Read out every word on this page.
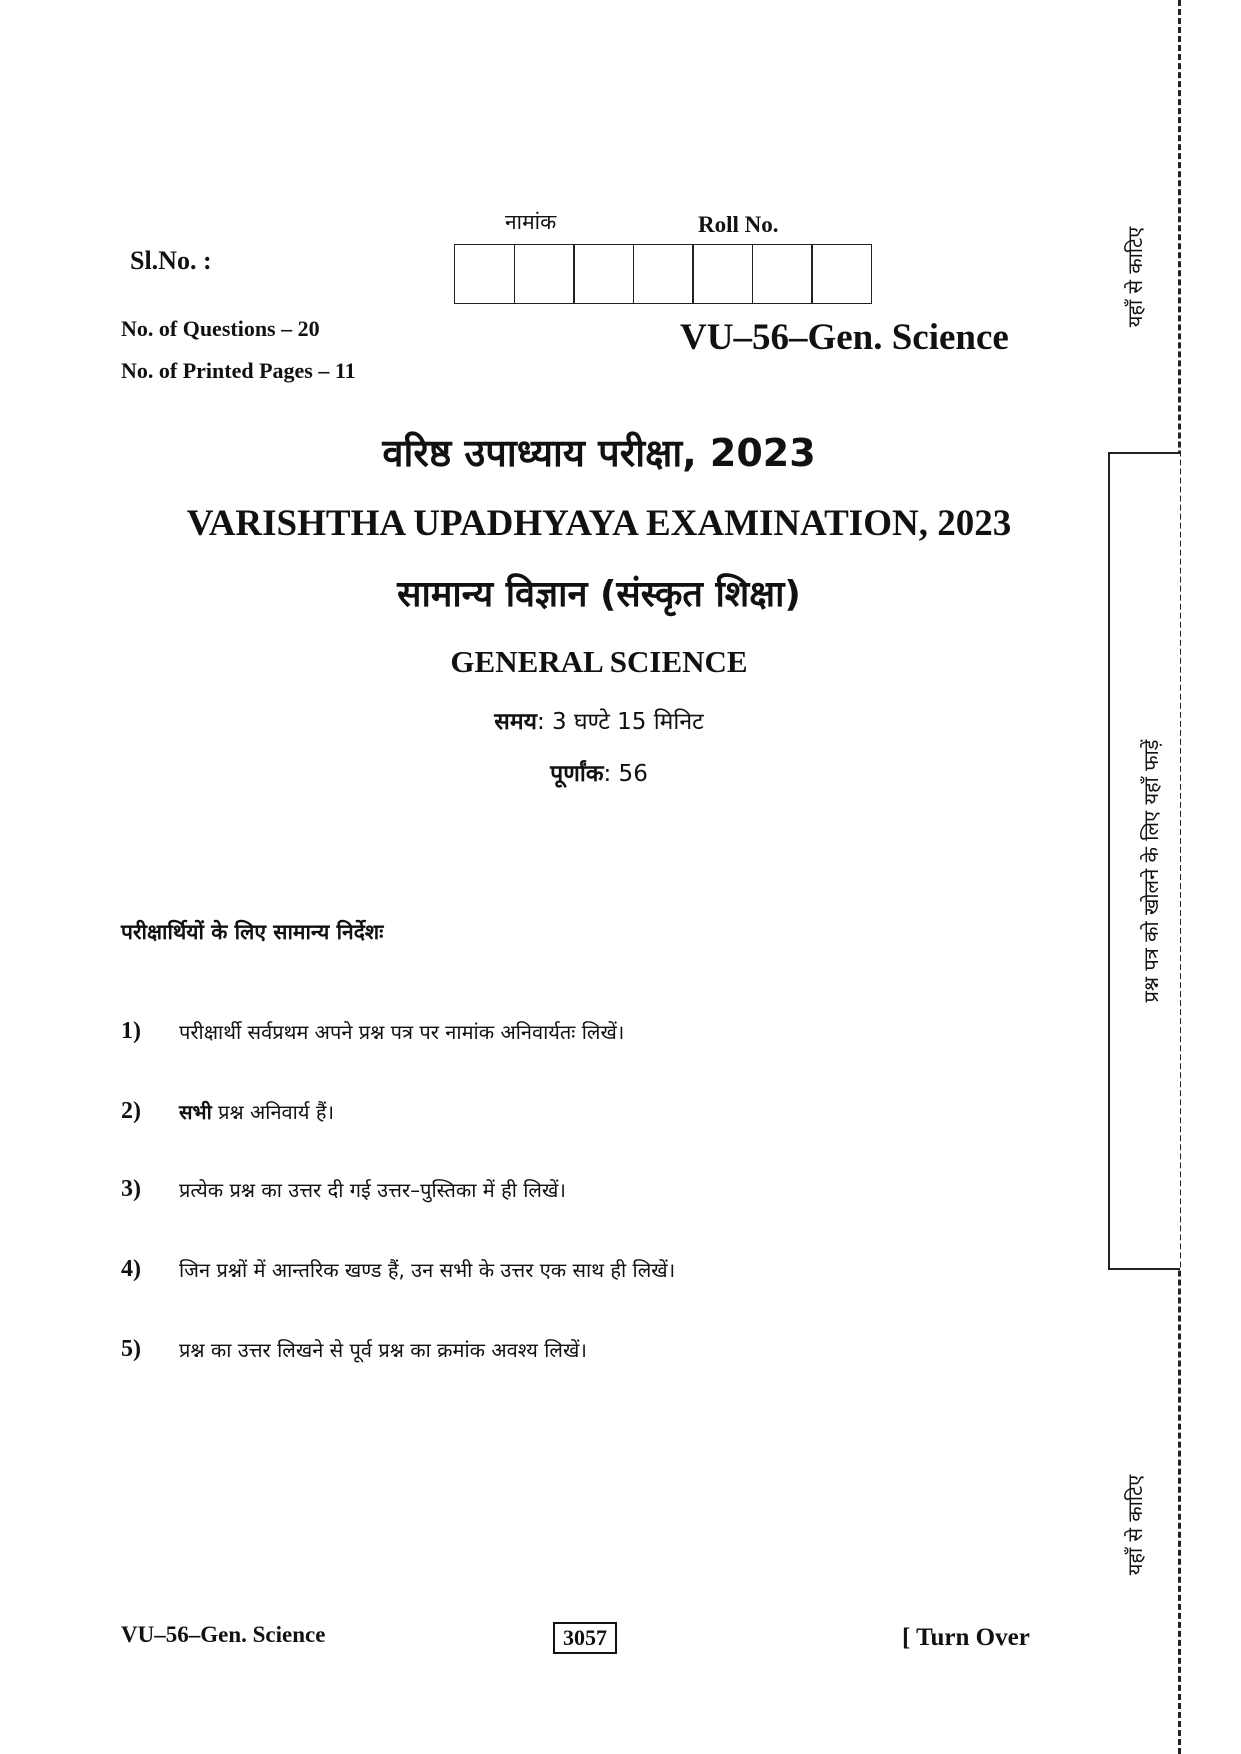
नामांक	Roll No.
Sl.No. :
No. of Questions – 20
No. of Printed Pages – 11
VU–56–Gen. Science
वरिष्ठ उपाध्याय परीक्षा, 2023
VARISHTHA UPADHYAYA EXAMINATION, 2023
सामान्य विज्ञान (संस्कृत शिक्षा)
GENERAL SCIENCE
समय: 3 घण्टे 15 मिनिट
पूर्णांक: 56
परीक्षार्थियों के लिए सामान्य निर्देशः
1) परीक्षार्थी सर्वप्रथम अपने प्रश्न पत्र पर नामांक अनिवार्यतः लिखें।
2) सभी प्रश्न अनिवार्य हैं।
3) प्रत्येक प्रश्न का उत्तर दी गई उत्तर–पुस्तिका में ही लिखें।
4) जिन प्रश्नों में आन्तरिक खण्ड हैं, उन सभी के उत्तर एक साथ ही लिखें।
5) प्रश्न का उत्तर लिखने से पूर्व प्रश्न का क्रमांक अवश्य लिखें।
VU–56–Gen. Science	3057	[ Turn Over
यहाँ से काटिए
प्रश्न पत्र को खोलने के लिए यहाँ फाड़ें
यहाँ से काटिए
